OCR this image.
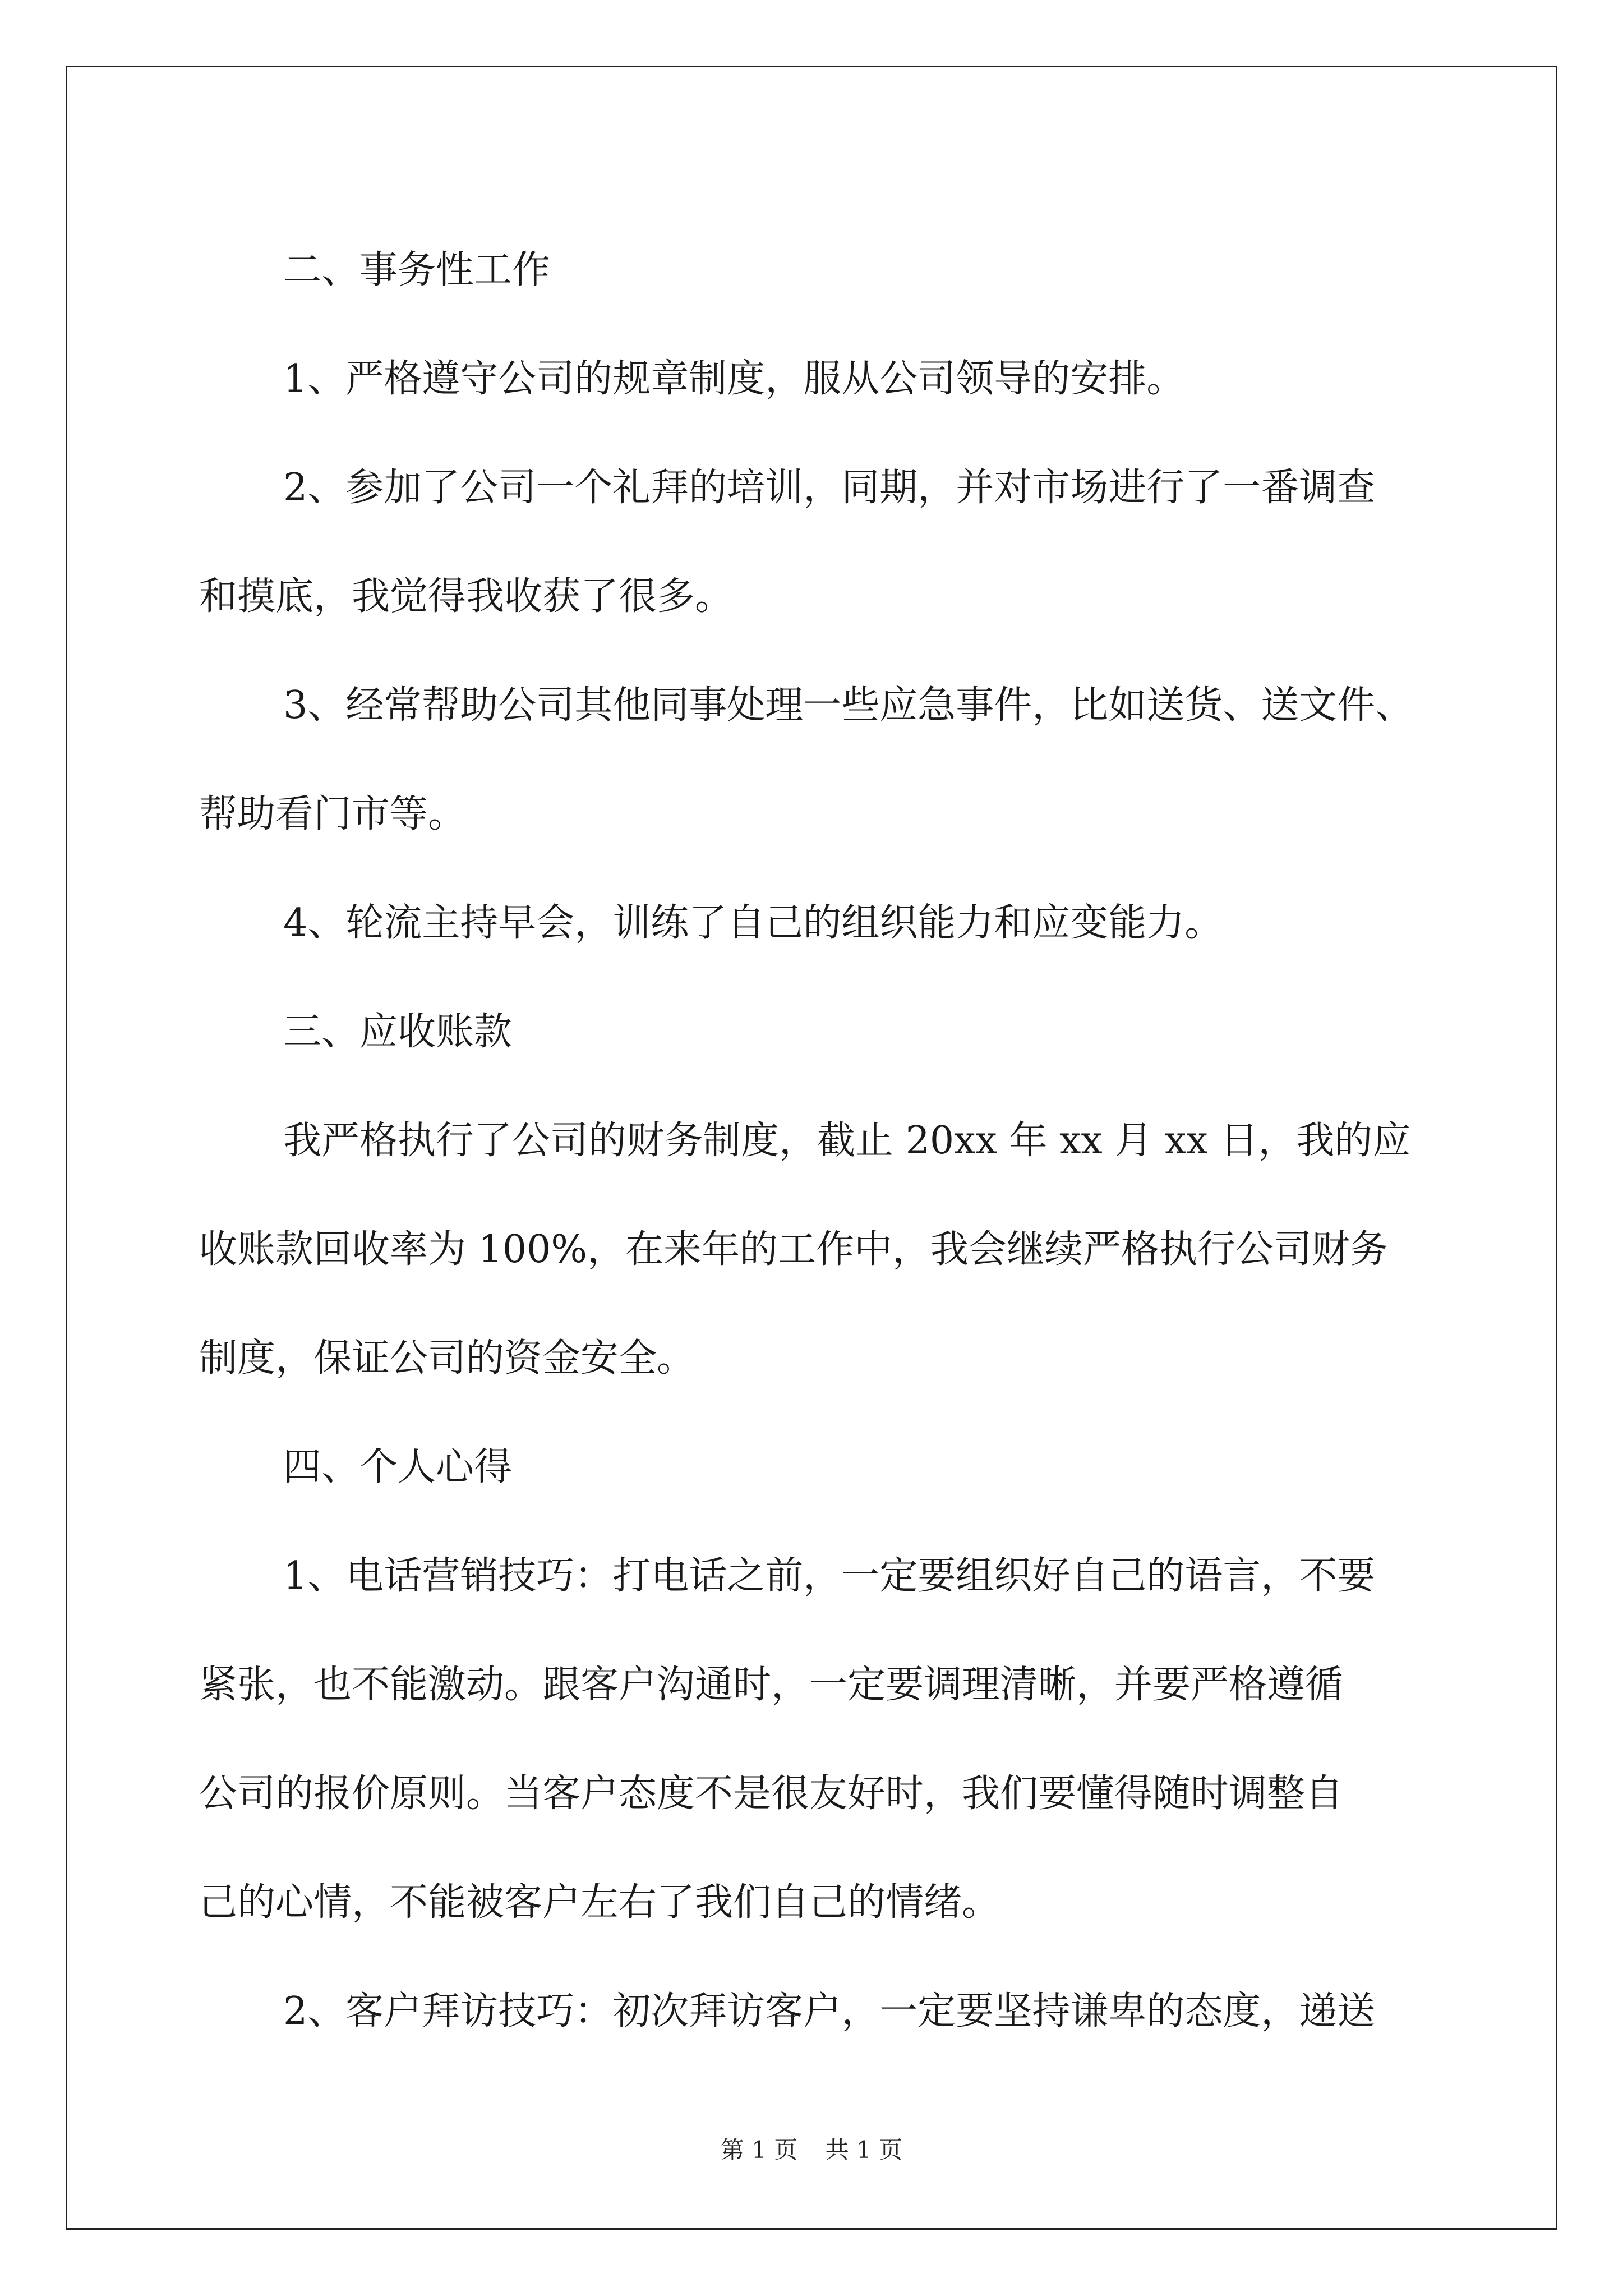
二、事务性工作

1、严格遵守公司的规章制度，服从公司领导的安排。

2、参加了公司一个礼拜的培训，同期，并对市场进行了一番调查
和摸底，我觉得我收获了很多。

3、经常帮助公司其他同事处理一些应急事件，比如送货、送文件、
帮助看门市等。

4、轮流主持早会，训练了自己的组织能力和应变能力。

三、应收账款

我严格执行了公司的财务制度，截止 20xx 年 xx 月 xx 日，我的应
收账款回收率为 100%，在来年的工作中，我会继续严格执行公司财务
制度，保证公司的资金安全。

四、个人心得

1、电话营销技巧：打电话之前，一定要组织好自己的语言，不要
紧张，也不能激动。跟客户沟通时，一定要调理清晰，并要严格遵循
公司的报价原则。当客户态度不是很友好时，我们要懂得随时调整自
己的心情，不能被客户左右了我们自己的情绪。

2、客户拜访技巧：初次拜访客户，一定要坚持谦卑的态度，递送

第 1 页 共 1 页
